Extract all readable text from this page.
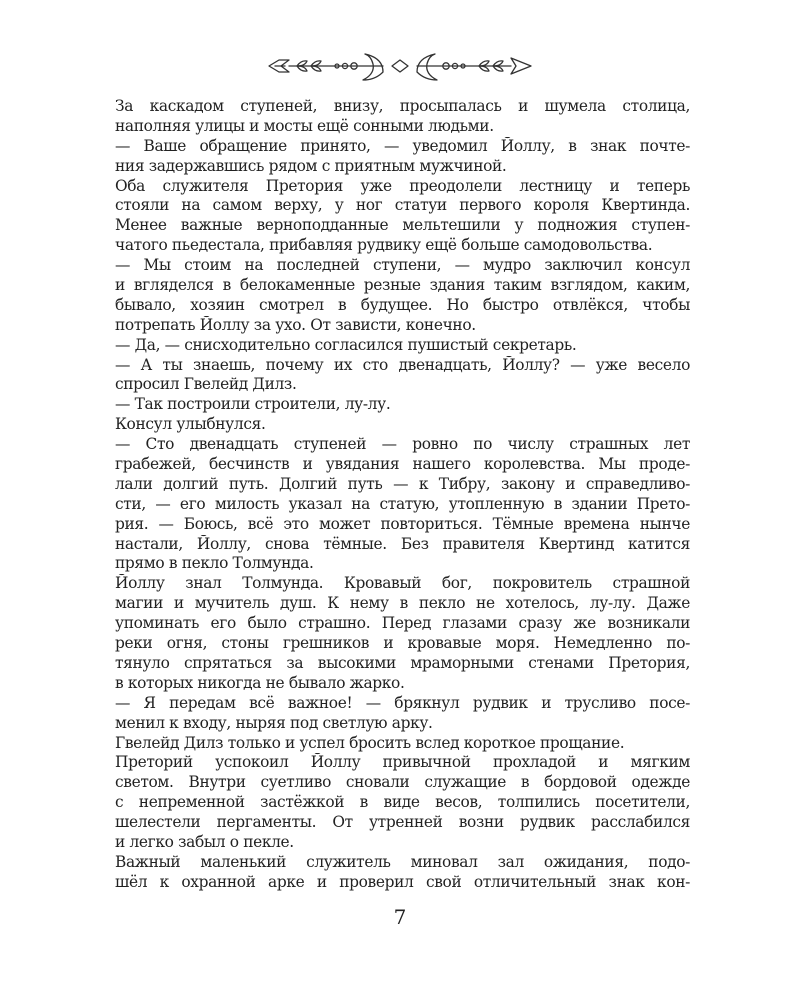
За каскадом ступеней, внизу, просыпалась и шумела столица,
наполняя улицы и мосты ещё сонными людьми.
— Ваше обращение принято, — уведомил Йоллу, в знак почте-
ния задержавшись рядом с приятным мужчиной.
Оба служителя Претория уже преодолели лестницу и теперь
стояли на самом верху, у ног статуи первого короля Квертинда.
Менее важные верноподданные мельтешили у подножия ступен-
чатого пьедестала, прибавляя рудвику ещё больше самодовольства.
— Мы стоим на последней ступени, — мудро заключил консул
и вгляделся в белокаменные резные здания таким взглядом, каким,
бывало, хозяин смотрел в будущее. Но быстро отвлёкся, чтобы
потрепать Йоллу за ухо. От зависти, конечно.
— Да, — снисходительно согласился пушистый секретарь.
— А ты знаешь, почему их сто двенадцать, Йоллу? — уже весело
спросил Гвелейд Дилз.
— Так построили строители, лу-лу.
Консул улыбнулся.
— Сто двенадцать ступеней — ровно по числу страшных лет
грабежей, бесчинств и увядания нашего королевства. Мы проде-
лали долгий путь. Долгий путь — к Тибру, закону и справедливо-
сти, — его милость указал на статую, утопленную в здании Прето-
рия. — Боюсь, всё это может повториться. Тёмные времена нынче
настали, Йоллу, снова тёмные. Без правителя Квертинд катится
прямо в пекло Толмунда.
Йоллу знал Толмунда. Кровавый бог, покровитель страшной
магии и мучитель душ. К нему в пекло не хотелось, лу-лу. Даже
упоминать его было страшно. Перед глазами сразу же возникали
реки огня, стоны грешников и кровавые моря. Немедленно по-
тянуло спрятаться за высокими мраморными стенами Претория,
в которых никогда не бывало жарко.
— Я передам всё важное! — брякнул рудвик и трусливо посе-
менил к входу, ныряя под светлую арку.
Гвелейд Дилз только и успел бросить вслед короткое прощание.
Преторий успокоил Йоллу привычной прохладой и мягким
светом. Внутри суетливо сновали служащие в бордовой одежде
с непременной застёжкой в виде весов, толпились посетители,
шелестели пергаменты. От утренней возни рудвик расслабился
и легко забыл о пекле.
Важный маленький служитель миновал зал ожидания, подо-
шёл к охранной арке и проверил свой отличительный знак кон-
7
